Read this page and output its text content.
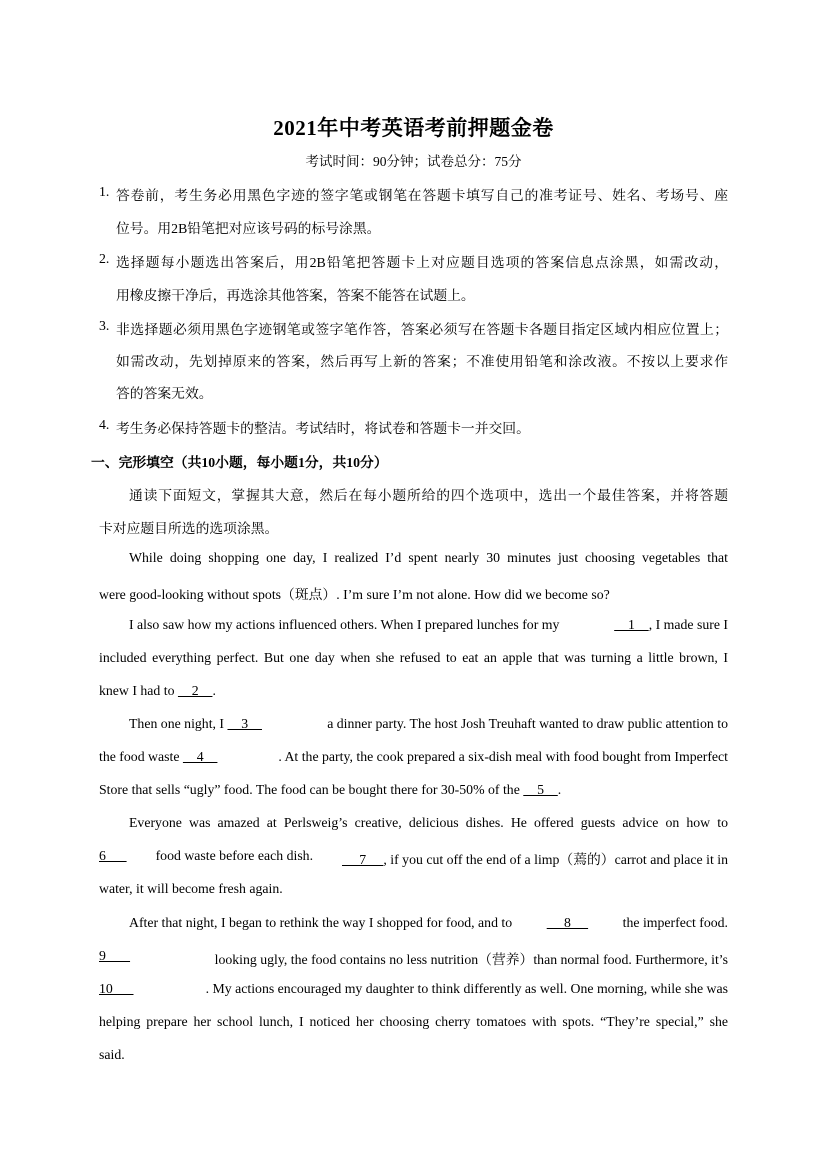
2021年中考英语考前押题金卷
考试时间：90分钟；试卷总分：75分
1. 答卷前，考生务必用黑色字迹的签字笔或钢笔在答题卡填写自己的准考证号、姓名、考场号、座
位号。用2B铅笔把对应该号码的标号涂黑。
2. 选择题每小题选出答案后，用2B铅笔把答题卡上对应题目选项的答案信息点涂黑，如需改动，
用橡皮擦干净后，再选涂其他答案，答案不能答在试题上。
3. 非选择题必须用黑色字迹钢笔或签字笔作答，答案必须写在答题卡各题目指定区域内相应位置上；
如需改动，先划掉原来的答案，然后再写上新的答案；不准使用铅笔和涂改液。不按以上要求作
答的答案无效。
4. 考生务必保持答题卡的整洁。考试结时，将试卷和答题卡一并交回。
一、完形填空（共10小题，每小题1分，共10分）
通读下面短文，掌握其大意，然后在每小题所给的四个选项中，选出一个最佳答案，并将答题
卡对应题目所选的选项涂黑。
While doing shopping one day, I realized I’d spent nearly 30 minutes just choosing vegetables that
were good-looking without spots（斑点）. I’m sure I’m not alone. How did we become so?
I also saw how my actions influenced others. When I prepared lunches for my	1    , I made sure I
included everything perfect. But one day when she refused to eat an apple that was turning a little brown, I
knew I had to     2    .
Then one night, I     3	a dinner party. The host Josh Treuhaft wanted to draw public attention to
the food waste     4	. At the party, the cook prepared a six-dish meal with food bought from Imperfect
Store that sells “ugly” food. The food can be bought there for 30-50% of the     5    .
Everyone was amazed at Perlsweig’s creative, delicious dishes. He offered guests advice on how to
6 food waste before each dish. 7     , if you cut off the end of a limp（蔫的）carrot and place it in
water, it will become fresh again.
After that night, I began to rethink the way I shopped for food, and to	8	the imperfect food.
9	looking ugly, the food contains no less nutrition（营养）than normal food. Furthermore, it’s
10	. My actions encouraged my daughter to think differently as well. One morning, while she was
helping prepare her school lunch, I noticed her choosing cherry tomatoes with spots. “They’re special,” she
said.
